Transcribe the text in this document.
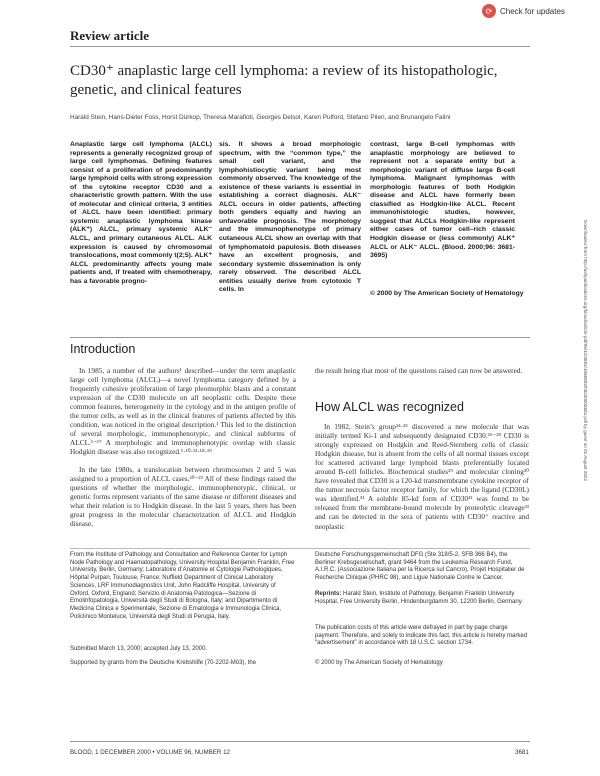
⟳ Check for updates
Review article
CD30⁺ anaplastic large cell lymphoma: a review of its histopathologic, genetic, and clinical features
Harald Stein, Hans-Dieter Foss, Horst Dürkop, Theresa Marafioti, Georges Delsol, Karen Pulford, Stefano Pileri, and Brunangelo Falini
Anaplastic large cell lymphoma (ALCL) represents a generally recognized group of large cell lymphomas. Defining features consist of a proliferation of predominantly large lymphoid cells with strong expression of the cytokine receptor CD30 and a characteristic growth pattern. With the use of molecular and clinical criteria, 3 entities of ALCL have been identified: primary systemic anaplastic lymphoma kinase (ALK⁺) ALCL, primary systemic ALK⁻ ALCL, and primary cutaneous ALCL. ALK expression is caused by chromosomal translocations, most commonly t(2;5). ALK⁺ ALCL predominantly affects young male patients and, if treated with chemotherapy, has a favorable progno-
sis. It shows a broad morphologic spectrum, with the “common type,” the small cell variant, and the lymphohistiocytic variant being most commonly observed. The knowledge of the existence of these variants is essential in establishing a correct diagnosis. ALK⁻ ALCL occurs in older patients, affecting both genders equally and having an unfavorable prognosis. The morphology and the immunophenotype of primary cutaneous ALCL show an overlap with that of lymphomatoid papulosis. Both diseases have an excellent prognosis, and secondary systemic dissemination is only rarely observed. The described ALCL entities usually derive from cytotoxic T cells. In
contrast, large B-cell lymphomas with anaplastic morphology are believed to represent not a separate entity but a morphologic variant of diffuse large B-cell lymphoma. Malignant lymphomas with morphologic features of both Hodgkin disease and ALCL have formerly been classified as Hodgkin-like ALCL. Recent immunohistologic studies, however, suggest that ALCLs Hodgkin-like represent either cases of tumor cell–rich classic Hodgkin disease or (less commonly) ALK⁺ ALCL or ALK⁻ ALCL. (Blood. 2000;96: 3681-3695)
© 2000 by The American Society of Hematology
Introduction
In 1985, a number of the authors¹ described—under the term anaplastic large cell lymphoma (ALCL)—a novel lymphoma category defined by a frequently cohesive proliferation of large pleomorphic blasts and a constant expression of the CD30 molecule on all neoplastic cells. Despite these common features, heterogeneity in the cytology and in the antigen profile of the tumor cells, as well as in the clinical features of patients affected by this condition, was noticed in the original description.¹ This led to the distinction of several morphologic, immunophenotypic, and clinical subforms of ALCL.¹⁻¹⁷ A morphologic and immunophenotypic overlap with classic Hodgkin disease was also recognized.¹·¹⁰·¹³·¹⁸·¹⁹
In the late 1980s, a translocation between chromosomes 2 and 5 was assigned to a proportion of ALCL cases.²⁰⁻²³ All of these findings raised the questions of whether the morphologic, immunophenotypic, clinical, or genetic forms represent variants of the same disease or different diseases and what their relation is to Hodgkin disease. In the last 5 years, there has been great progress in the molecular characterization of ALCL and Hodgkin disease,
the result being that most of the questions raised can now be answered.
How ALCL was recognized
In 1982, Stein’s group²⁴·²⁵ discovered a new molecule that was initially termed Ki-1 and subsequently designated CD30.²⁶⁻²⁸ CD30 is strongly expressed on Hodgkin and Reed-Sternberg cells of classic Hodgkin disease, but is absent from the cells of all normal tissues except for scattered activated large lymphoid blasts preferentially located around B-cell follicles. Biochemical studies²⁹ and molecular cloning³⁰ have revealed that CD30 is a 120-kd transmembrane cytokine receptor of the tumor necrosis factor receptor family, for which the ligand (CD30L) was identified.³¹ A soluble 85-kd form of CD30³² was found to be released from the membrane-bound molecule by proteolytic cleavage³³ and can be detected in the sera of patients with CD30⁺ reactive and neoplastic
From the Institute of Pathology and Consultation and Reference Center for Lymph Node Pathology and Haematopathology, University Hospital Benjamin Franklin, Free University, Berlin, Germany; Laboratoire d’Anatomie et Cytologie Pathologiques, Hôpital Purpan, Toulouse, France; Nuffield Department of Clinical Laboratory Sciences, LRF Immunodiagnostics Unit, John Radcliffe Hospital, University of Oxford, Oxford, England; Servizio di Anatomia Patologica—Sezione di Emolinfopatologia, Università degli Studi di Bologna, Italy; and Dipartimento di Medicina Clinica e Sperimentale, Sezione di Ematologia e Immunologia Clinica, Policlinico Monteluce, Università degli Studi di Perugia, Italy.
Submitted March 13, 2000; accepted July 13, 2000.
Supported by grants from the Deutsche Krebshilfe (70-2202-Mö3), the
Deutsche Forschungsgemeinschaft DFG (Ste 318/5-2, SFB 366 B4), the Berliner Krebsgesellschaft, grant 9464 from the Leukemia Research Fund, A.I.R.C. (Associazione Italiana per la Ricerca sul Cancro), Projet Hospitalier de Recherche Clinique (PHRC 98), and Ligue Nationale Contre le Cancer.
Reprints: Harald Stein, Institute of Pathology, Benjamin Franklin University Hospital, Free University Berlin, Hindenburgdamm 30, 12200 Berlin, Germany.
The publication costs of this article were defrayed in part by page charge payment. Therefore, and solely to indicate this fact, this article is hereby marked “advertisement” in accordance with 18 U.S.C. section 1734.
© 2000 by The American Society of Hematology
Downloaded from http://ashpublications.org/blood/article-pdf/96/12/3681/1668893/h8230003681.pdf by guest on 01 August 2022
BLOOD, 1 DECEMBER 2000 • VOLUME 96, NUMBER 12	3681
